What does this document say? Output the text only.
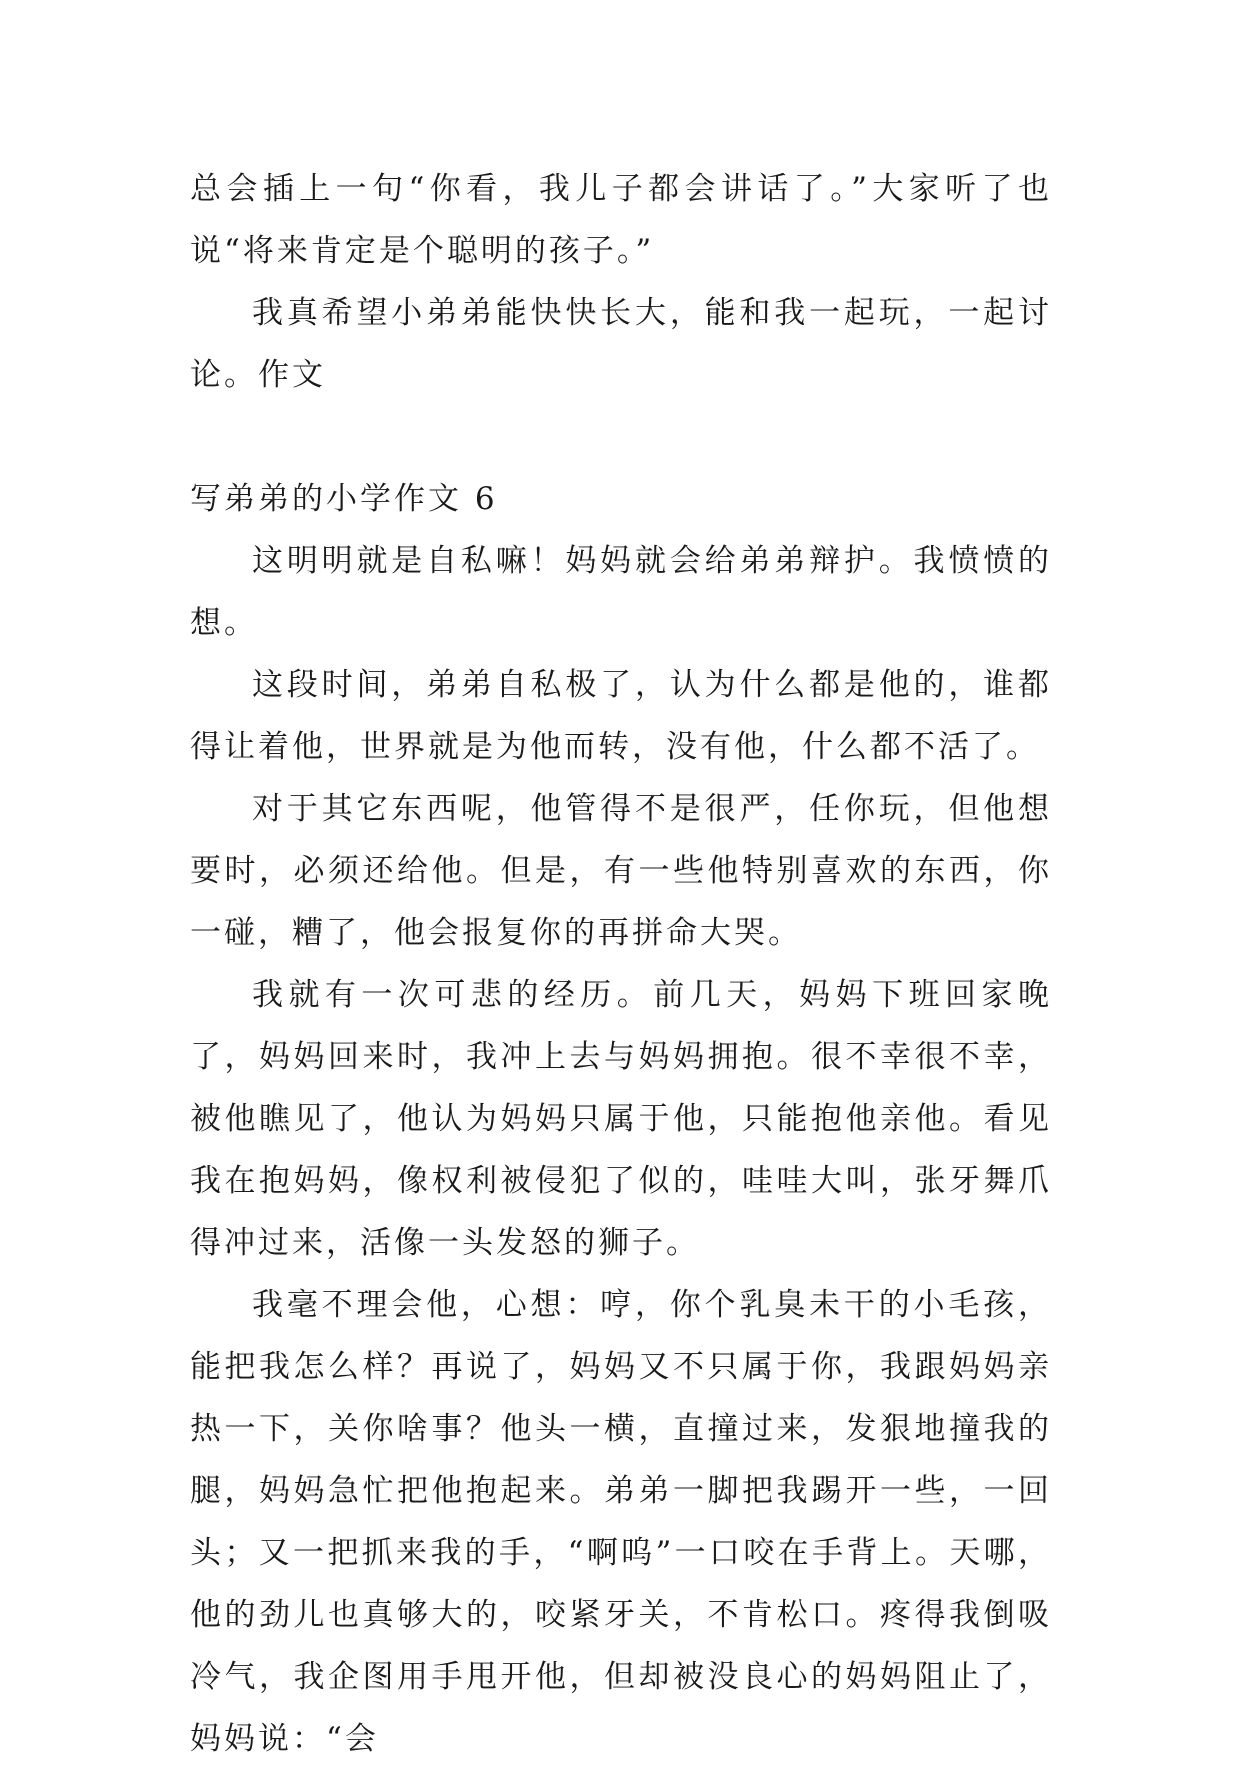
总会插上一句“你看，我儿子都会讲话了。”大家听了也说“将来肯定是个聪明的孩子。”

我真希望小弟弟能快快长大，能和我一起玩，一起讨论。作文

写弟弟的小学作文 6

这明明就是自私嘛！妈妈就会给弟弟辩护。我愤愤的想。

这段时间，弟弟自私极了，认为什么都是他的，谁都得让着他，世界就是为他而转，没有他，什么都不活了。

对于其它东西呢，他管得不是很严，任你玩，但他想要时，必须还给他。但是，有一些他特别喜欢的东西，你一碰，糟了，他会报复你的再拼命大哭。

我就有一次可悲的经历。前几天，妈妈下班回家晚了，妈妈回来时，我冲上去与妈妈拥抱。很不幸很不幸，被他瞧见了，他认为妈妈只属于他，只能抱他亲他。看见我在抱妈妈，像权利被侵犯了似的，哇哇大叫，张牙舞爪得冲过来，活像一头发怒的狮子。

我毫不理会他，心想：哼，你个乳臭未干的小毛孩，能把我怎么样？再说了，妈妈又不只属于你，我跟妈妈亲热一下，关你啥事？他头一横，直撞过来，发狠地撞我的腿，妈妈急忙把他抱起来。弟弟一脚把我踢开一些，一回头；又一把抓来我的手，“啊呜”一口咬在手背上。天哪，他的劲儿也真够大的，咬紧牙关，不肯松口。疼得我倒吸冷气，我企图用手甩开他，但却被没良心的妈妈阻止了，妈妈说：“会
